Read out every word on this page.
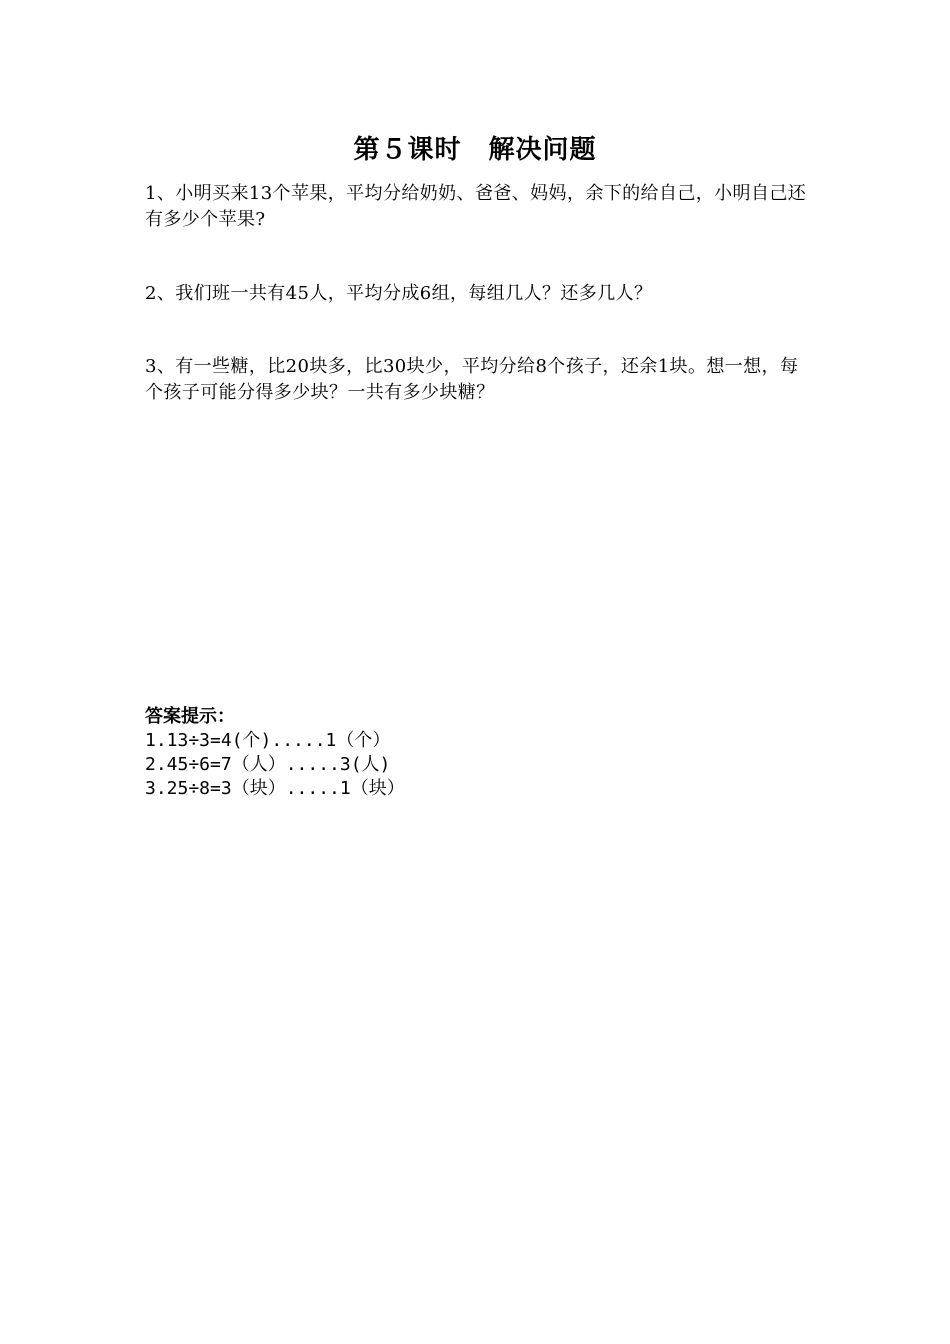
第５课时　解决问题
1、小明买来13个苹果，平均分给奶奶、爸爸、妈妈，余下的给自己，小明自己还有多少个苹果?
2、我们班一共有45人，平均分成6组，每组几人？还多几人？
3、有一些糖，比20块多，比30块少，平均分给8个孩子，还余1块。想一想，每个孩子可能分得多少块？一共有多少块糖？
答案提示：
1.13÷3=4(个).....1（个）
2.45÷6=7（人）.....3(人)
3.25÷8=3（块）.....1（块）
